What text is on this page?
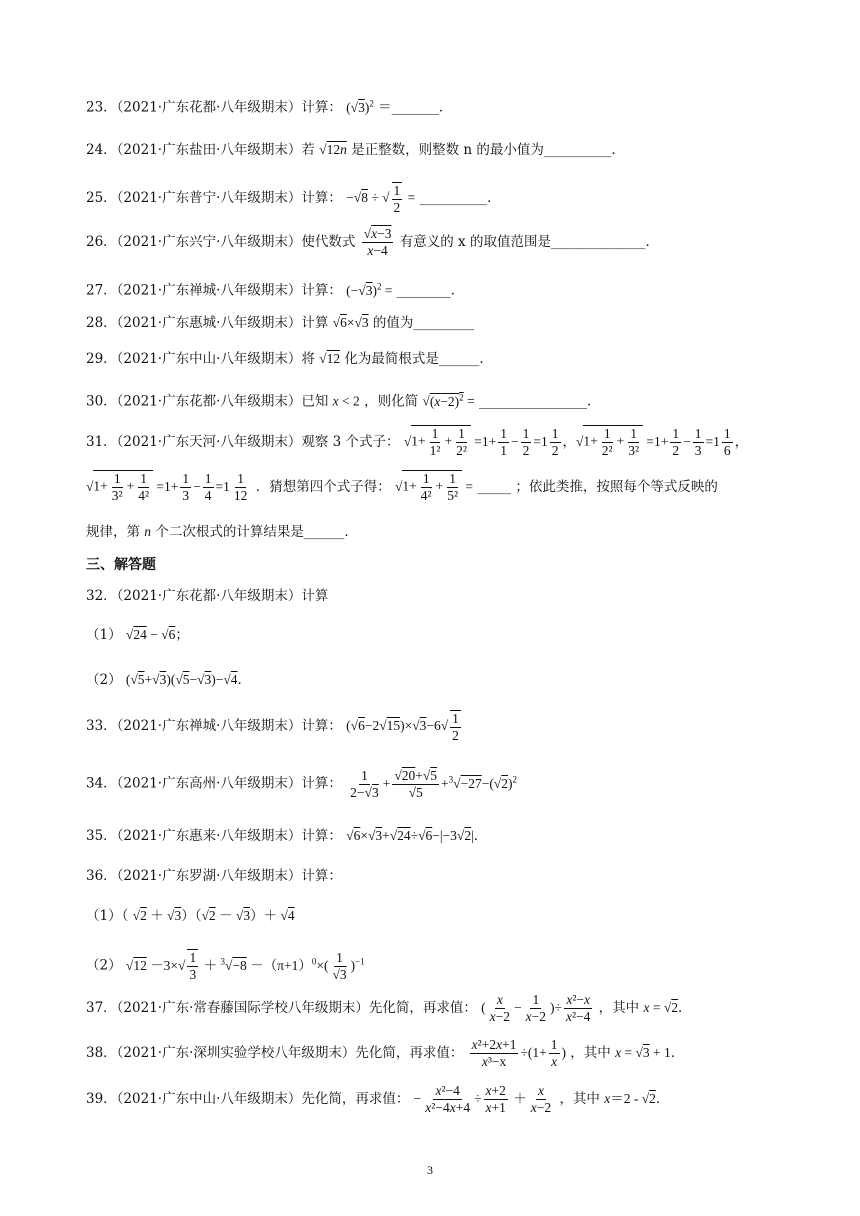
23．（2021·广东花都·八年级期末）计算： $(√3)^2$ ＝_______．
24．（2021·广东盐田·八年级期末）若 √12n 是正整数，则整数 n 的最小值为__________．
25．（2021·广东普宁·八年级期末）计算： −√8 ÷ √ $\frac{1}{2}$ = __________．
26．（2021·广东兴宁·八年级期末）使代数式 $\frac{√x-3}{x-4}$ 有意义的 x 的取值范围是______________．
27．（2021·广东禅城·八年级期末）计算： $(-√3)^2$ = ________．
28．（2021·广东惠城·八年级期末）计算 √6×√3 的值为_________
29．（2021·广东中山·八年级期末）将 √12 化为最简根式是______．
30．（2021·广东花都·八年级期末）已知 x < 2 ，则化简 $√(x-2)^2$ = ________________．
31．（2021·广东天河·八年级期末）观察 3 个式子： $√1+ \frac{1}{\text{1²}} + \frac{1}{\text{2²}} =1+ \frac{1}{1} - \frac{1}{2} =1 \frac{1}{2}$ ，$√1+ \frac{1}{\text{2²}} + \frac{1}{\text{3²}} =1+ \frac{1}{2} - \frac{1}{3} =1 \frac{1}{6}$ ，
$√1+ \frac{1}{\text{3²}} + \frac{1}{\text{4²}} =1+ \frac{1}{3} - \frac{1}{4} =1 \frac{1}{12}$ ．猜想第四个式子得： $√1+ \frac{1}{\text{4²}} + \frac{1}{\text{5²}}$ = _____ ；依此类推，按照每个等式反映的
规律，第 n 个二次根式的计算结果是______．
三、解答题
32．（2021·广东花都·八年级期末）计算
（1） √24 − √6；
（2） (√5+√3)(√5−√3)−√4．
33．（2021·广东禅城·八年级期末）计算： $(√6-2√15)\times√3-6√ \frac{1}{2}$
34．（2021·广东高州·八年级期末）计算： $\frac{1}{2-√3} + \frac{√20+√5}{√5} +^3√-27-(√2)^2$
35．（2021·广东惠来·八年级期末）计算： √6×√3+√24÷√6−|−3√2|．
36．（2021·广东罗湖·八年级期末）计算：
（1）（ √2 ＋ √3）（√2 － √3）＋ √4
（2） $√12 -3\times√ \frac{1}{3} + ^3√-8 -(\pi+1)^0\times( \frac{1}{√3} )^{-1}$
37．（2021·广东·常春藤国际学校八年级期末）先化简，再求值： ( $\frac{x}{x-2} - \frac{1}{x-2}$ )÷ $\frac{\text{x²−x}}{\text{x²−4}}$ ，其中 x = √2．
38．（2021·广东·深圳实验学校八年级期末）先化简，再求值： $\frac{\text{x²+2x+1}}{\text{x³−x}} \div(1+ \frac{1}{x}$ ) ，其中 x = √3 + 1．
39．（2021·广东中山·八年级期末）先化简，再求值： − $\frac{\text{x²−4}}{\text{x²−4x+4}} \div \frac{x+2}{x+1} + \frac{x}{x-2}$ ，其中 x＝2 - √2．
3
